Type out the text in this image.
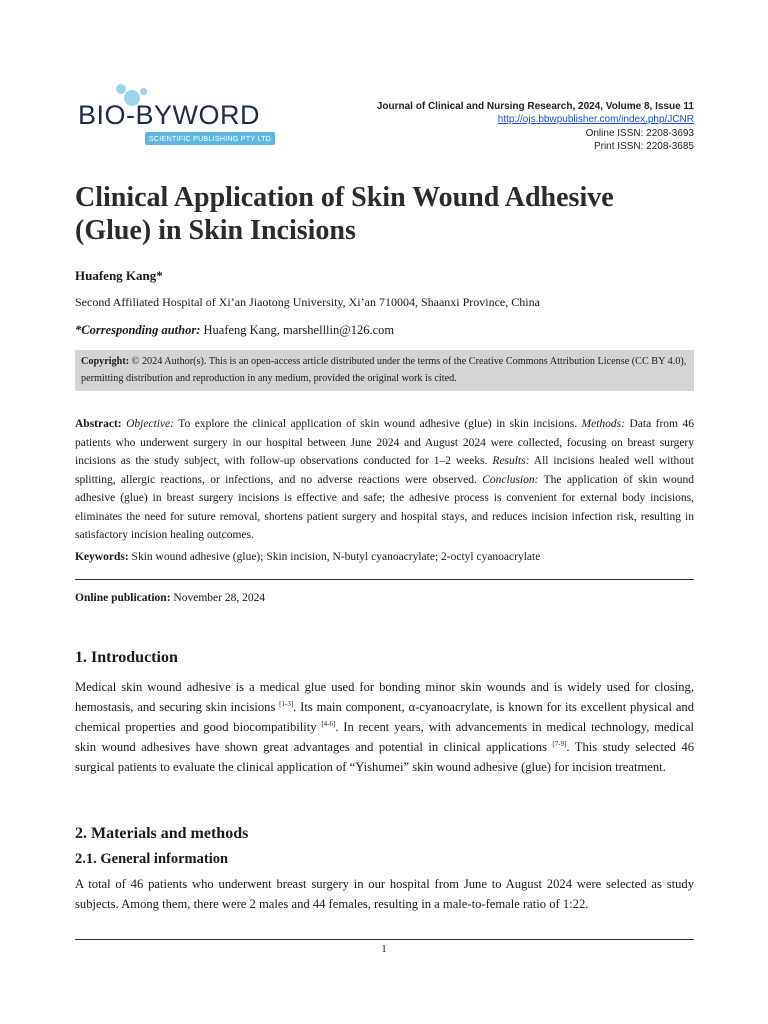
BIO-BYWORD
SCIENTIFIC PUBLISHING PTY LTD
Journal of Clinical and Nursing Research, 2024, Volume 8, Issue 11
http://ojs.bbwpublisher.com/index.php/JCNR
Online ISSN: 2208-3693
Print ISSN: 2208-3685
Clinical Application of Skin Wound Adhesive (Glue) in Skin Incisions
Huafeng Kang*
Second Affiliated Hospital of Xi’an Jiaotong University, Xi’an 710004, Shaanxi Province, China
*Corresponding author: Huafeng Kang, marshelllin@126.com
Copyright: © 2024 Author(s). This is an open-access article distributed under the terms of the Creative Commons Attribution License (CC BY 4.0), permitting distribution and reproduction in any medium, provided the original work is cited.

Abstract: Objective: To explore the clinical application of skin wound adhesive (glue) in skin incisions. Methods: Data from 46 patients who underwent surgery in our hospital between June 2024 and August 2024 were collected, focusing on breast surgery incisions as the study subject, with follow-up observations conducted for 1–2 weeks. Results: All incisions healed well without splitting, allergic reactions, or infections, and no adverse reactions were observed. Conclusion: The application of skin wound adhesive (glue) in breast surgery incisions is effective and safe; the adhesive process is convenient for external body incisions, eliminates the need for suture removal, shortens patient surgery and hospital stays, and reduces incision infection risk, resulting in satisfactory incision healing outcomes.

Keywords: Skin wound adhesive (glue); Skin incision, N-butyl cyanoacrylate; 2-octyl cyanoacrylate
Online publication: November 28, 2024
1. Introduction

Medical skin wound adhesive is a medical glue used for bonding minor skin wounds and is widely used for closing, hemostasis, and securing skin incisions [1-3]. Its main component, α-cyanoacrylate, is known for its excellent physical and chemical properties and good biocompatibility [4-6]. In recent years, with advancements in medical technology, medical skin wound adhesives have shown great advantages and potential in clinical applications [7-9]. This study selected 46 surgical patients to evaluate the clinical application of “Yishumei” skin wound adhesive (glue) for incision treatment.

2. Materials and methods
2.1. General information

A total of 46 patients who underwent breast surgery in our hospital from June to August 2024 were selected as study subjects. Among them, there were 2 males and 44 females, resulting in a male-to-female ratio of 1:22.

1
